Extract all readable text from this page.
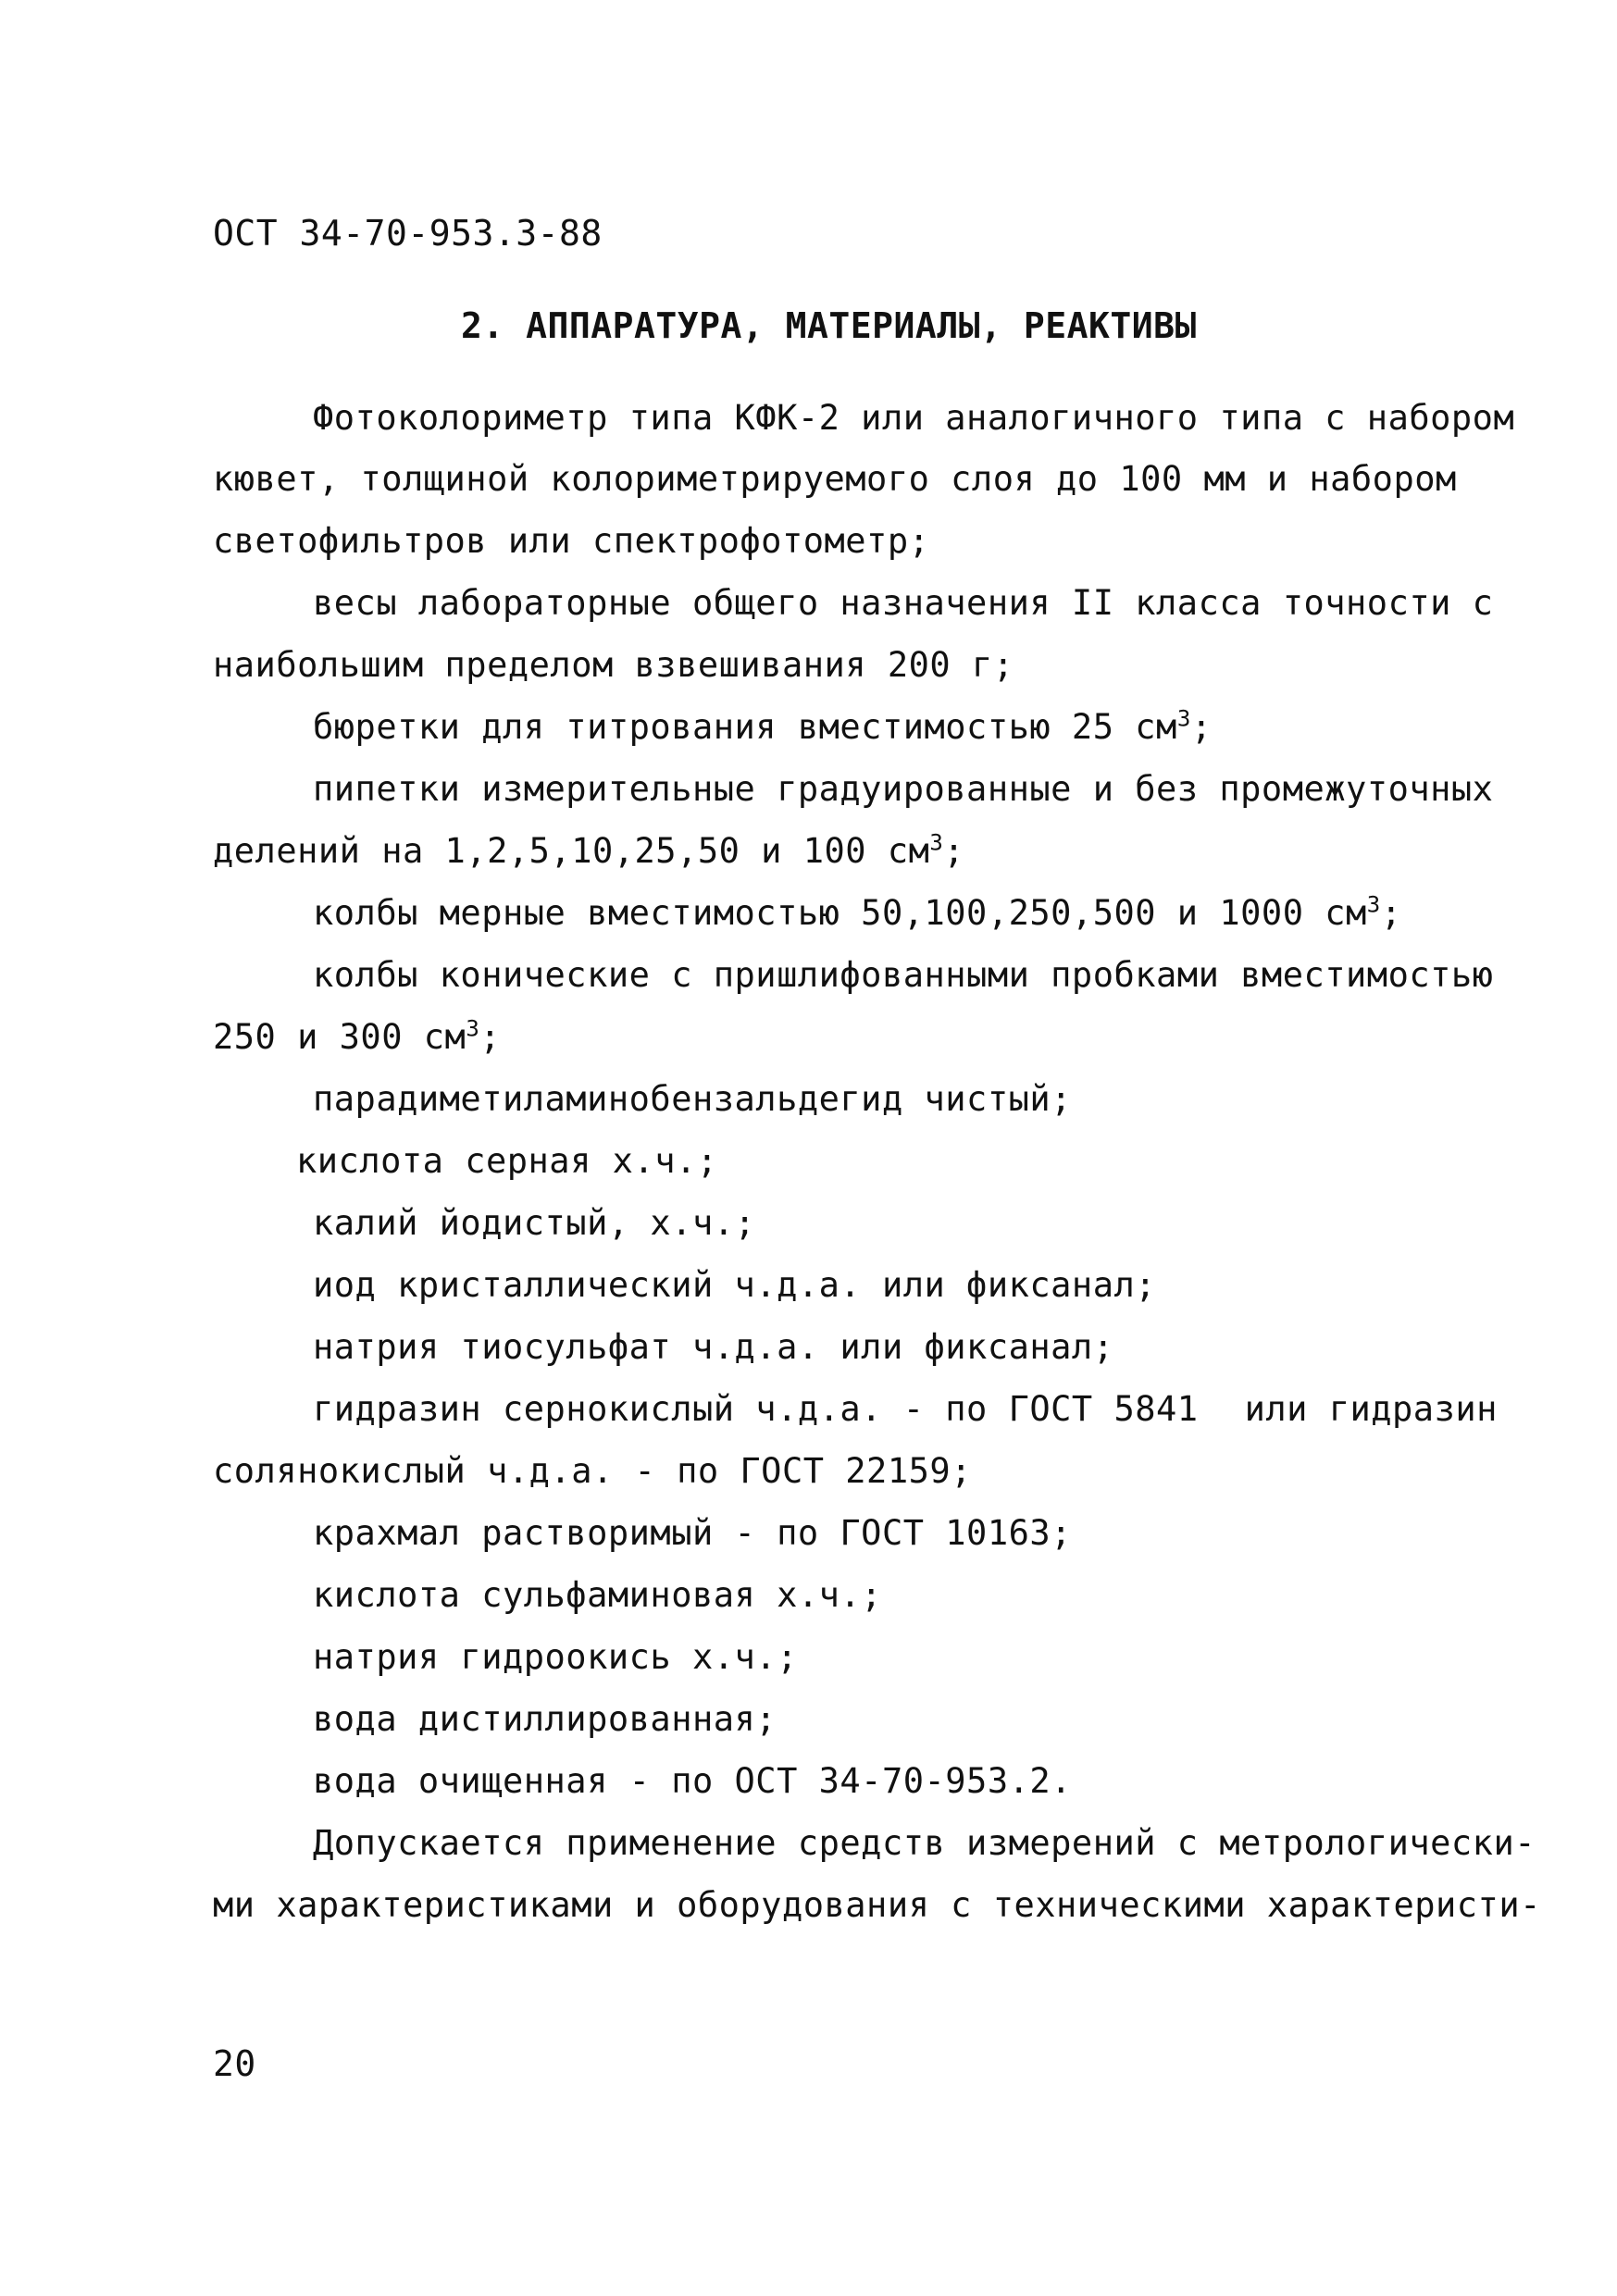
ОСТ 34-70-953.3-88
2. АППАРАТУРА, МАТЕРИАЛЫ, РЕАКТИВЫ
Фотоколориметр типа КФК-2 или аналогичного типа с набором
кювет, толщиной колориметрируемого слоя до 100 мм и набором
светофильтров или спектрофотометр;
весы лабораторные общего назначения II класса точности с
наибольшим пределом взвешивания 200 г;
бюретки для титрования вместимостью 25 $см^3$;
пипетки измерительные градуированные и без промежуточных
делений на 1,2,5,10,25,50 и 100 $см^3$;
колбы мерные вместимостью 50,100,250,500 и 1000 $см^3$;
колбы конические с пришлифованными пробками вместимостью
250 и 300 $см^3$;
парадиметиламинобензальдегид чистый;
кислота серная х.ч.;
калий йодистый, х.ч.;
иод кристаллический ч.д.а. или фиксанал;
натрия тиосульфат ч.д.а. или фиксанал;
гидразин сернокислый ч.д.а. - по ГОСТ 5841 или гидразин
солянокислый ч.д.а. - по ГОСТ 22159;
крахмал растворимый - по ГОСТ 10163;
кислота сульфаминовая х.ч.;
натрия гидроокись х.ч.;
вода дистиллированная;
вода очищенная - по ОСТ 34-70-953.2.
Допускается применение средств измерений с метрологически-
ми характеристиками и оборудования с техническими характеристи-
20
